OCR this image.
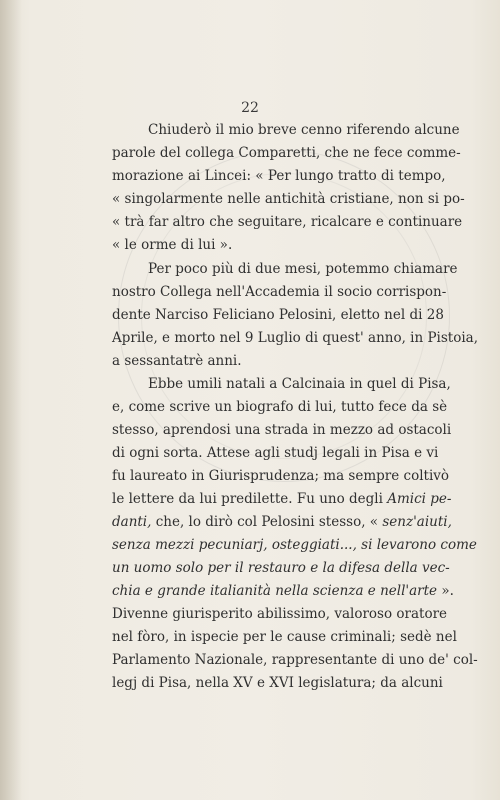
22
Chiuderò il mio breve cenno riferendo alcune
parole del collega Comparetti, che ne fece comme-
morazione ai Lincei: « Per lungo tratto di tempo,
« singolarmente nelle antichità cristiane, non si po-
« trà far altro che seguitare, ricalcare e continuare
« le orme di lui ».
Per poco più di due mesi, potemmo chiamare
nostro Collega nell'Accademia il socio corrispon-
dente Narciso Feliciano Pelosini, eletto nel di 28
Aprile, e morto nel 9 Luglio di quest' anno, in Pistoia,
a sessantatrè anni.
Ebbe umili natali a Calcinaia in quel di Pisa,
e, come scrive un biografo di lui, tutto fece da sè
stesso, aprendosi una strada in mezzo ad ostacoli
di ogni sorta. Attese agli studj legali in Pisa e vi
fu laureato in Giurisprudenza; ma sempre coltivò
le lettere da lui predilette. Fu uno degli Amici pe-
danti, che, lo dirò col Pelosini stesso, « senz'aiuti,
senza mezzi pecuniarj, osteggiati..., si levarono come
un uomo solo per il restauro e la difesa della vec-
chia e grande italianità nella scienza e nell'arte ».
Divenne giurisperito abilissimo, valoroso oratore
nel fòro, in ispecie per le cause criminali; sedè nel
Parlamento Nazionale, rappresentante di uno de' col-
legj di Pisa, nella XV e XVI legislatura; da alcuni
